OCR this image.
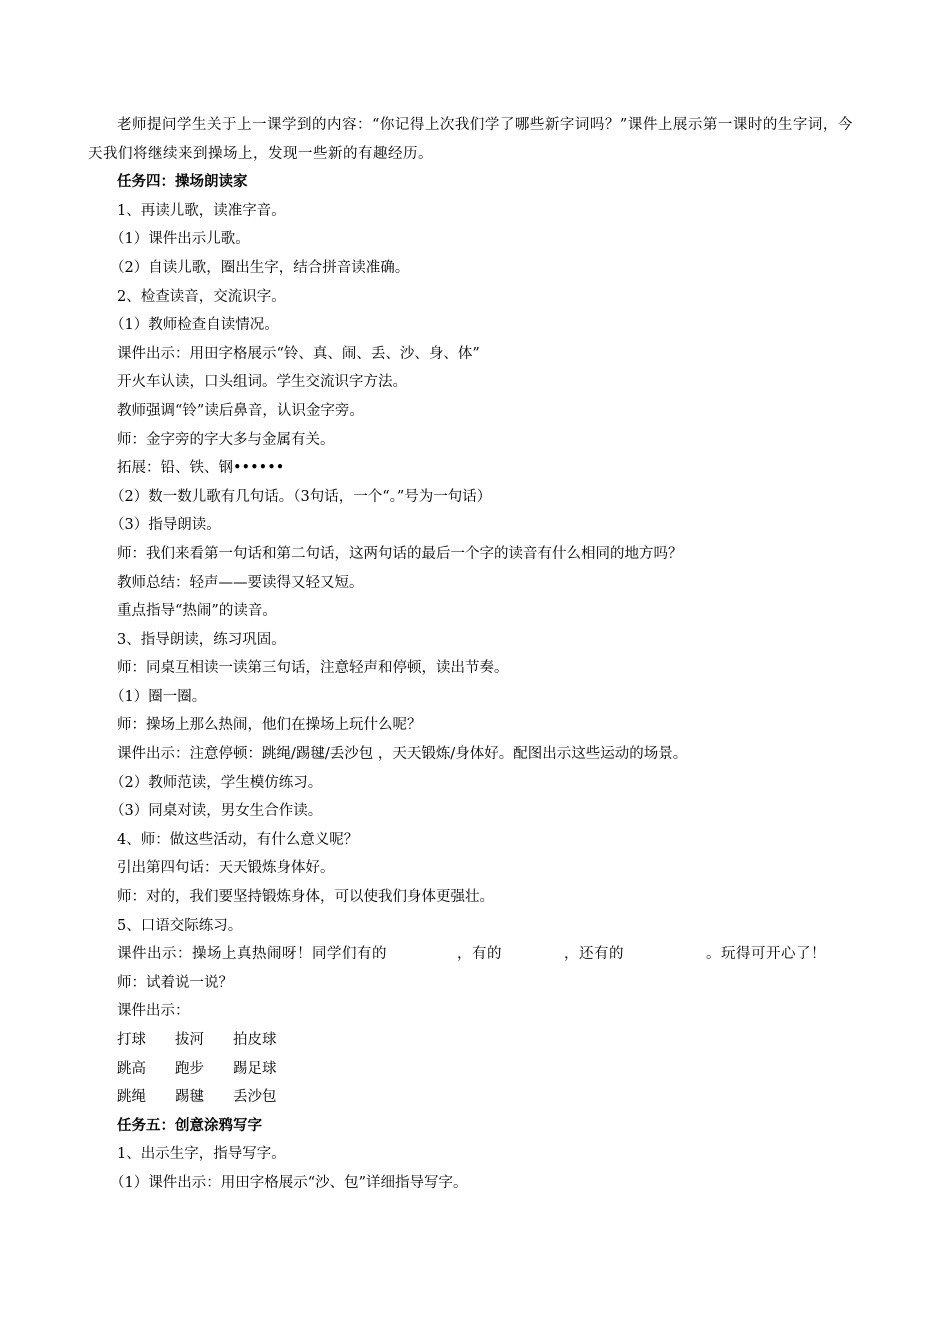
老师提问学生关于上一课学到的内容：“你记得上次我们学了哪些新字词吗？”课件上展示第一课时的生字词，今天我们将继续来到操场上，发现一些新的有趣经历。
任务四：操场朗读家
1、再读儿歌，读准字音。
（1）课件出示儿歌。
（2）自读儿歌，圈出生字，结合拼音读准确。
2、检查读音，交流识字。
（1）教师检查自读情况。
课件出示：用田字格展示“铃、真、闹、丢、沙、身、体”
开火车认读，口头组词。学生交流识字方法。
教师强调“铃”读后鼻音，认识金字旁。
师：金字旁的字大多与金属有关。
拓展：铅、铁、钢••••••
（2）数一数儿歌有几句话。（3句话，一个“。”号为一句话）
（3）指导朗读。
师：我们来看第一句话和第二句话，这两句话的最后一个字的读音有什么相同的地方吗？
教师总结：轻声——要读得又轻又短。
重点指导“热闹”的读音。
3、指导朗读，练习巩固。
师：同桌互相读一读第三句话，注意轻声和停顿，读出节奏。
（1）圈一圈。
师：操场上那么热闹，他们在操场上玩什么呢？
课件出示：注意停顿：跳绳/踢毽/丢沙包 ，天天锻炼/身体好。配图出示这些运动的场景。
（2）教师范读，学生模仿练习。
（3）同桌对读，男女生合作读。
4、师：做这些活动，有什么意义呢？
引出第四句话：天天锻炼身体好。
师：对的，我们要坚持锻炼身体，可以使我们身体更强壮。
5、口语交际练习。
课件出示：操场上真热闹呀！同学们有的	，有的	，还有的	。玩得可开心了！
师：试着说一说？
课件出示：
打球 拔河 拍皮球
跳高 跑步 踢足球
跳绳 踢毽 丢沙包
任务五：创意涂鸦写字
1、出示生字，指导写字。
（1）课件出示：用田字格展示“沙、包”详细指导写字。
